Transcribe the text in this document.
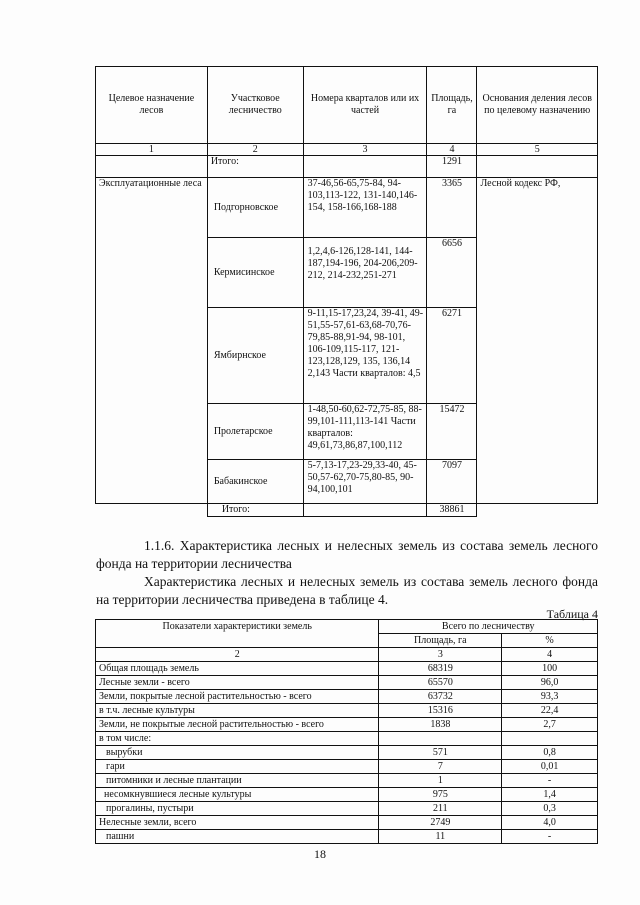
Целевое назначение лесов	Участковое лесничество	Номера кварталов или их частей	Площадь, га	Основания деления лесов по целевому назначению
1	2	3	4	5
	Итого:		1291	
Эксплуатационные леса	Подгорновское	37-46,56-65,75-84, 94-103,113-122, 131-140,146-154, 158-166,168-188	3365	Лесной кодекс РФ,
	Кермисинское	1,2,4,6-126,128-141, 144-187,194-196, 204-206,209-212, 214-232,251-271	6656	
	Ямбирнское	9-11,15-17,23,24, 39-41, 49-51,55-57,61-63,68-70,76-79,85-88,91-94, 98-101, 106-109,115-117, 121-123,128,129, 135, 136,14 2,143 Части кварталов: 4,5	6271	
	Пролетарское	1-48,50-60,62-72,75-85, 88-99,101-111,113-141 Части кварталов: 49,61,73,86,87,100,112	15472	
	Бабакинское	5-7,13-17,23-29,33-40, 45-50,57-62,70-75,80-85, 90-94,100,101	7097	
	Итого:		38861	

1.1.6. Характеристика лесных и нелесных земель из состава земель лесного фонда на территории лесничества

Характеристика лесных и нелесных земель из состава земель лесного фонда на территории лесничества приведена в таблице 4.

Таблица 4
Показатели характеристики земель	Всего по лесничеству	
	Площадь, га	%
2	3	4
Общая площадь земель	68319	100
Лесные земли - всего	65570	96,0
Земли, покрытые лесной растительностью - всего	63732	93,3
в т.ч. лесные культуры	15316	22,4
Земли, не покрытые лесной растительностью - всего	1838	2,7
в том числе:		
вырубки	571	0,8
гари	7	0,01
питомники и лесные плантации	1	-
несомкнувшиеся лесные культуры	975	1,4
прогалины, пустыри	211	0,3
Нелесные земли, всего	2749	4,0
пашни	11	-
18
